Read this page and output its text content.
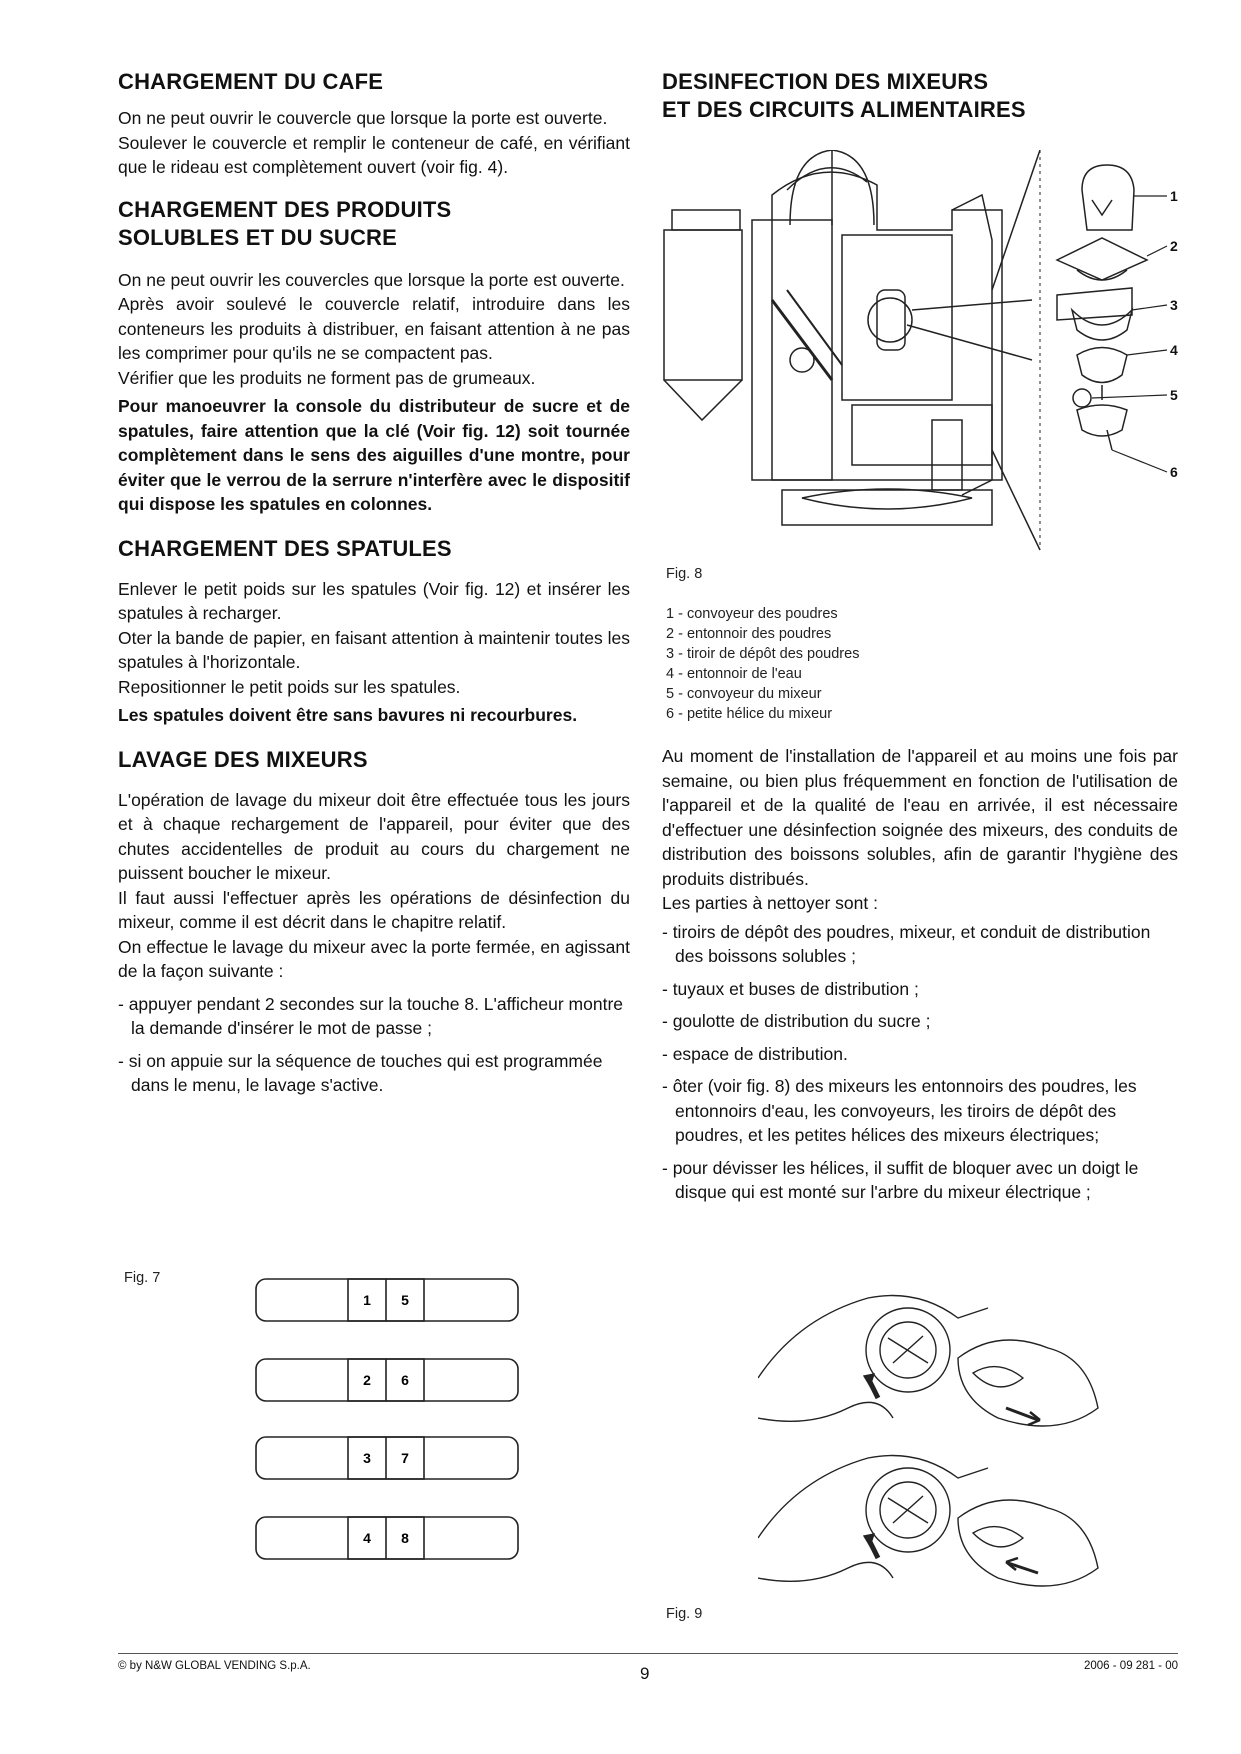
CHARGEMENT DU CAFE

On ne peut ouvrir le couvercle que lorsque la porte est ouverte.

Soulever le couvercle et remplir le conteneur de café, en vérifiant que le rideau est complètement ouvert (voir fig. 4).

CHARGEMENT DES PRODUITS
SOLUBLES ET DU SUCRE

On ne peut ouvrir les couvercles que lorsque la porte est ouverte.

Après avoir soulevé le couvercle relatif, introduire dans les conteneurs les produits à distribuer, en faisant attention à ne pas les comprimer pour qu'ils ne se compactent pas.

Vérifier que les produits ne forment pas de grumeaux.

Pour manoeuvrer la console du distributeur de sucre et de spatules, faire attention que la clé (Voir fig. 12) soit tournée complètement dans le sens des aiguilles d'une montre, pour éviter que le verrou de la serrure n'interfère avec le dispositif qui dispose les spatules en colonnes.

CHARGEMENT DES SPATULES

Enlever le petit poids sur les spatules (Voir fig. 12) et insérer les spatules à recharger.

Oter la bande de papier, en faisant attention à maintenir toutes les spatules à l'horizontale.

Repositionner le petit poids sur les spatules.

Les spatules doivent être sans bavures ni recourbures.

LAVAGE DES MIXEURS

L'opération de lavage du mixeur doit être effectuée tous les jours et à chaque rechargement de l'appareil, pour éviter que des chutes accidentelles de produit au cours du chargement ne puissent boucher le mixeur.

Il faut aussi l'effectuer après les opérations de désinfection du mixeur, comme il est décrit dans le chapitre relatif.

On effectue le lavage du mixeur avec la porte fermée, en agissant de la façon suivante :

- appuyer pendant 2 secondes sur la touche 8. L'afficheur montre la demande d'insérer le mot de passe ;

- si on appuie sur la séquence de touches qui est programmée dans le menu, le lavage s'active.

Fig. 7
1 5
2 6
3 7
4 8
DESINFECTION DES MIXEURS
ET DES CIRCUITS ALIMENTAIRES
1
2
3
4
5
6
Fig. 8
1 - convoyeur des poudres
2 - entonnoir des poudres
3 - tiroir de dépôt des poudres
4 - entonnoir de l'eau
5 - convoyeur du mixeur
6 - petite hélice du mixeur

Au moment de l'installation de l'appareil et au moins une fois par semaine, ou bien plus fréquemment en fonction de l'utilisation de l'appareil et de la qualité de l'eau en arrivée, il est nécessaire d'effectuer une désinfection soignée des mixeurs, des conduits de distribution des boissons solubles, afin de garantir l'hygiène des produits distribués.

Les parties à nettoyer sont :

- tiroirs de dépôt des poudres, mixeur, et conduit de distribution des boissons solubles ;

- tuyaux et buses de distribution ;

- goulotte de distribution du sucre ;

- espace de distribution.

- ôter (voir fig. 8) des mixeurs les entonnoirs des poudres, les entonnoirs d'eau, les convoyeurs, les tiroirs de dépôt des poudres, et les petites hélices des mixeurs électriques;

- pour dévisser les hélices, il suffit de bloquer avec un doigt le disque qui est monté sur l'arbre du mixeur électrique ;

Fig. 9
© by N&W GLOBAL VENDING S.p.A.	9	2006 - 09 281 - 00
